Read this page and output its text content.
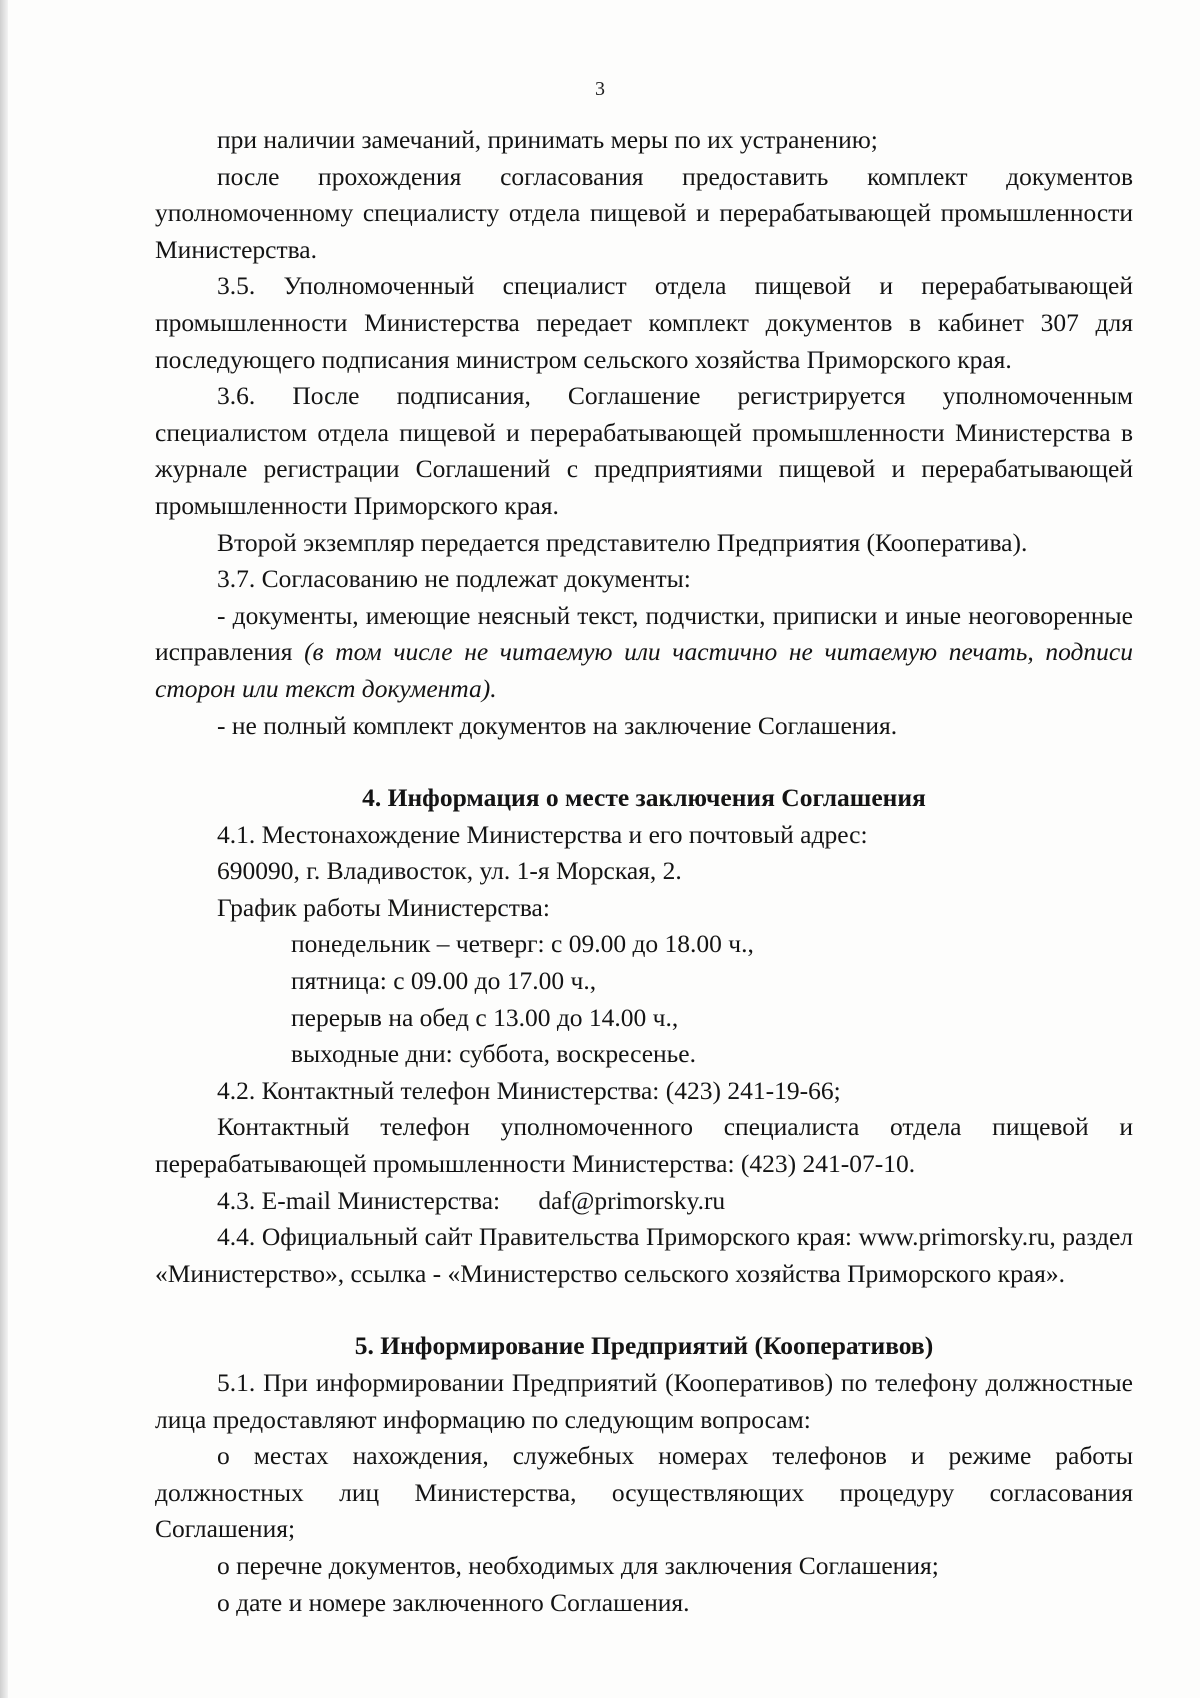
3

при наличии замечаний, принимать меры по их устранению;

после прохождения согласования предоставить комплект документов уполномоченному специалисту отдела пищевой и перерабатывающей промышленности Министерства.

3.5. Уполномоченный специалист отдела пищевой и перерабатывающей промышленности Министерства передает комплект документов в кабинет 307 для последующего подписания министром сельского хозяйства Приморского края.

3.6. После подписания, Соглашение регистрируется уполномоченным специалистом отдела пищевой и перерабатывающей промышленности Министерства в журнале регистрации Соглашений с предприятиями пищевой и перерабатывающей промышленности Приморского края.

Второй экземпляр передается представителю Предприятия (Кооператива).

3.7. Согласованию не подлежат документы:

- документы, имеющие неясный текст, подчистки, приписки и иные неоговоренные исправления (в том числе не читаемую или частично не читаемую печать, подписи сторон или текст документа).

- не полный комплект документов на заключение Соглашения.

4. Информация о месте заключения Соглашения

4.1. Местонахождение Министерства и его почтовый адрес:

690090, г. Владивосток, ул. 1-я Морская, 2.

График работы Министерства:

понедельник – четверг: с 09.00 до 18.00 ч.,

пятница: с 09.00 до 17.00 ч.,

перерыв на обед с 13.00 до 14.00 ч.,

выходные дни: суббота, воскресенье.

4.2. Контактный телефон Министерства: (423) 241-19-66;

Контактный телефон уполномоченного специалиста отдела пищевой и перерабатывающей промышленности Министерства: (423) 241-07-10.

4.3. E-mail Министерства:      daf@primorsky.ru

4.4. Официальный сайт Правительства Приморского края: www.primorsky.ru, раздел «Министерство», ссылка - «Министерство сельского хозяйства Приморского края».

5. Информирование Предприятий (Кооперативов)

5.1. При информировании Предприятий (Кооперативов) по телефону должностные лица предоставляют информацию по следующим вопросам:

о местах нахождения, служебных номерах телефонов и режиме работы должностных лиц Министерства, осуществляющих процедуру согласования Соглашения;

о перечне документов, необходимых для заключения Соглашения;

о дате и номере заключенного Соглашения.
